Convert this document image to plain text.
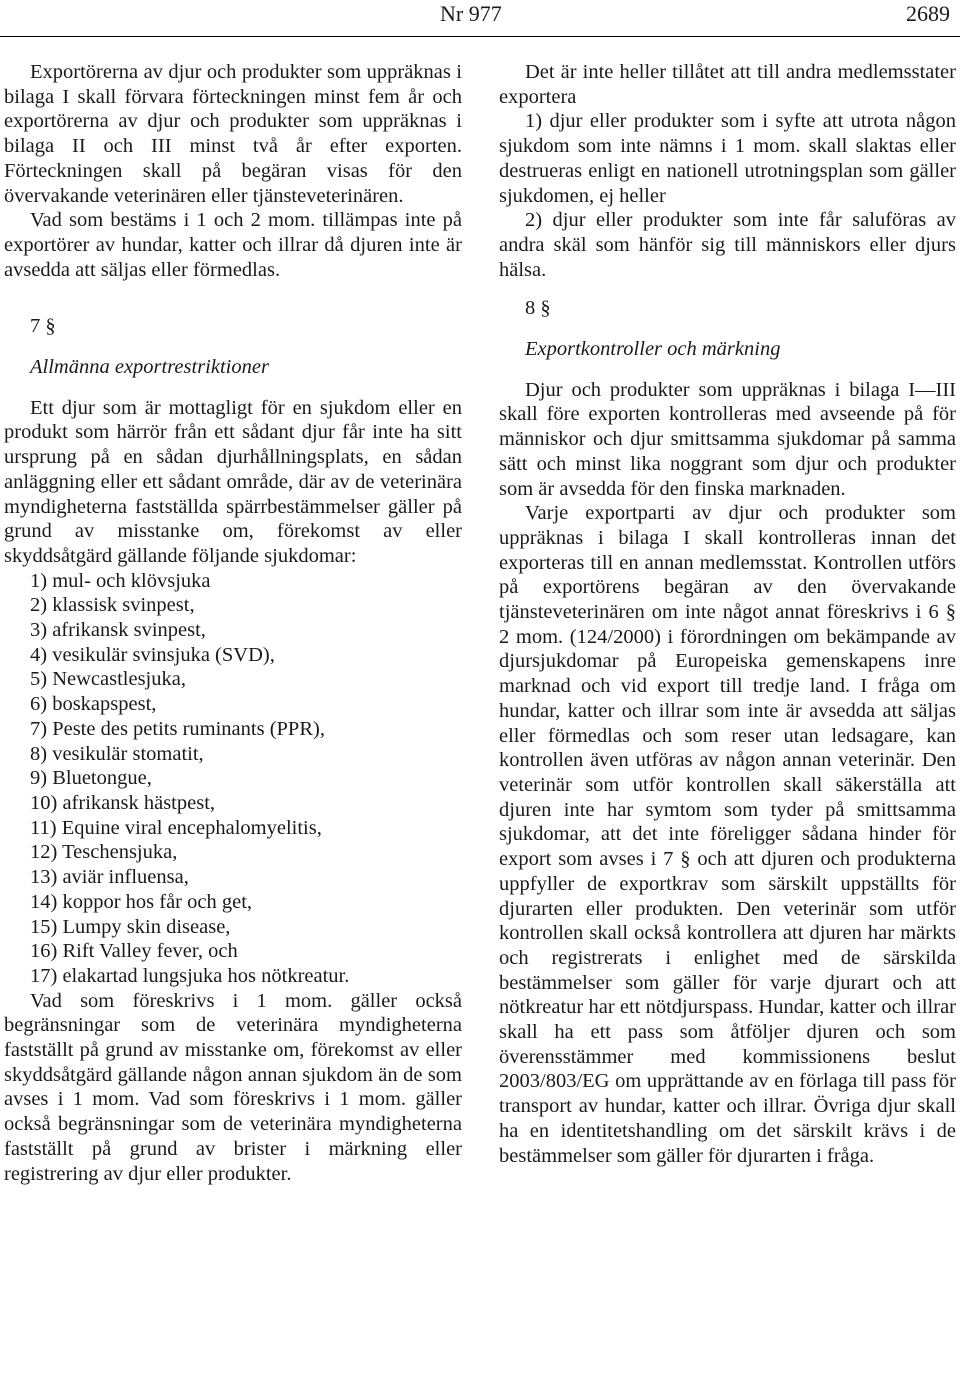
Nr 977	2689

Exportörerna av djur och produkter som uppräknas i bilaga I skall förvara förteckningen minst fem år och exportörerna av djur och produkter som uppräknas i bilaga II och III minst två år efter exporten. Förteckningen skall på begäran visas för den övervakande veterinären eller tjänsteveterinären.

Vad som bestäms i 1 och 2 mom. tillämpas inte på exportörer av hundar, katter och illrar då djuren inte är avsedda att säljas eller förmedlas.

7 §

Allmänna exportrestriktioner

Ett djur som är mottagligt för en sjukdom eller en produkt som härrör från ett sådant djur får inte ha sitt ursprung på en sådan djurhållningsplats, en sådan anläggning eller ett sådant område, där av de veterinära myndigheterna fastställda spärrbestämmelser gäller på grund av misstanke om, förekomst av eller skyddsåtgärd gällande följande sjukdomar:

1) mul- och klövsjuka
2) klassisk svinpest,
3) afrikansk svinpest,
4) vesikulär svinsjuka (SVD),
5) Newcastlesjuka,
6) boskapspest,
7) Peste des petits ruminants (PPR),
8) vesikulär stomatit,
9) Bluetongue,
10) afrikansk hästpest,
11) Equine viral encephalomyelitis,
12) Teschensjuka,
13) aviär influensa,
14) koppor hos får och get,
15) Lumpy skin disease,
16) Rift Valley fever, och
17) elakartad lungsjuka hos nötkreatur.

Vad som föreskrivs i 1 mom. gäller också begränsningar som de veterinära myndigheterna fastställt på grund av misstanke om, förekomst av eller skyddsåtgärd gällande någon annan sjukdom än de som avses i 1 mom. Vad som föreskrivs i 1 mom. gäller också begränsningar som de veterinära myndigheterna fastställt på grund av brister i märkning eller registrering av djur eller produkter.

Det är inte heller tillåtet att till andra medlemsstater exportera

1) djur eller produkter som i syfte att utrota någon sjukdom som inte nämns i 1 mom. skall slaktas eller destrueras enligt en nationell utrotningsplan som gäller sjukdomen, ej heller

2) djur eller produkter som inte får saluföras av andra skäl som hänför sig till människors eller djurs hälsa.

8 §

Exportkontroller och märkning

Djur och produkter som uppräknas i bilaga I—III skall före exporten kontrolleras med avseende på för människor och djur smittsamma sjukdomar på samma sätt och minst lika noggrant som djur och produkter som är avsedda för den finska marknaden.

Varje exportparti av djur och produkter som uppräknas i bilaga I skall kontrolleras innan det exporteras till en annan medlemsstat. Kontrollen utförs på exportörens begäran av den övervakande tjänsteveterinären om inte något annat föreskrivs i 6 § 2 mom. (124/2000) i förordningen om bekämpande av djursjukdomar på Europeiska gemenskapens inre marknad och vid export till tredje land. I fråga om hundar, katter och illrar som inte är avsedda att säljas eller förmedlas och som reser utan ledsagare, kan kontrollen även utföras av någon annan veterinär. Den veterinär som utför kontrollen skall säkerställa att djuren inte har symtom som tyder på smittsamma sjukdomar, att det inte föreligger sådana hinder för export som avses i 7 § och att djuren och produkterna uppfyller de exportkrav som särskilt uppställts för djurarten eller produkten. Den veterinär som utför kontrollen skall också kontrollera att djuren har märkts och registrerats i enlighet med de särskilda bestämmelser som gäller för varje djurart och att nötkreatur har ett nötdjurspass. Hundar, katter och illrar skall ha ett pass som åtföljer djuren och som överensstämmer med kommissionens beslut 2003/803/EG om upprättande av en förlaga till pass för transport av hundar, katter och illrar. Övriga djur skall ha en identitetshandling om det särskilt krävs i de bestämmelser som gäller för djurarten i fråga.
